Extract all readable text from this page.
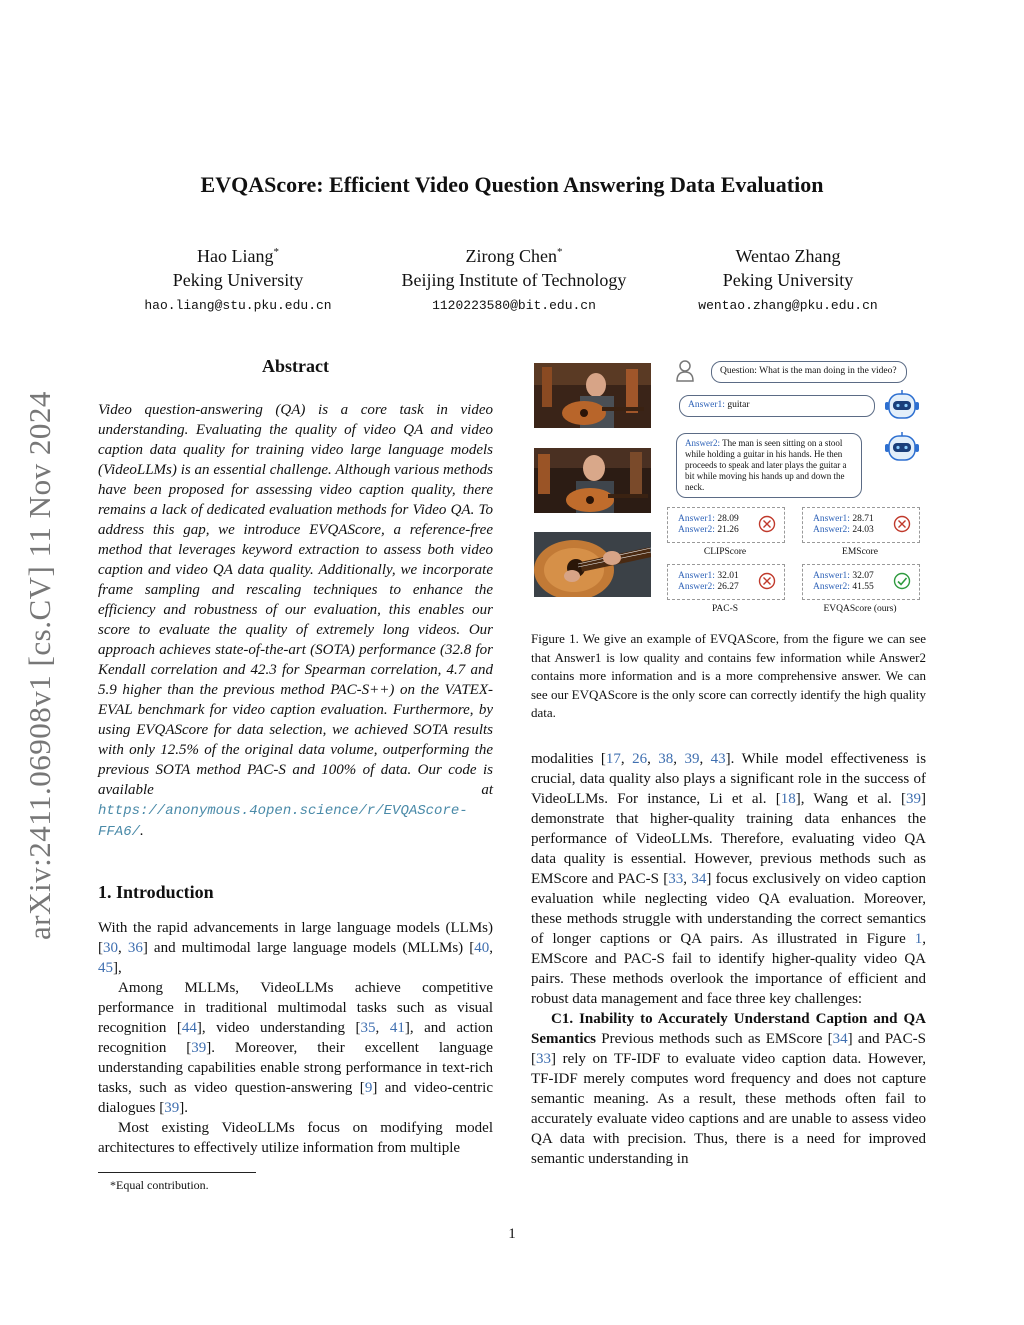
arXiv:2411.06908v1 [cs.CV] 11 Nov 2024
EVQAScore: Efficient Video Question Answering Data Evaluation
Hao Liang*
Peking University
hao.liang@stu.pku.edu.cn
Zirong Chen*
Beijing Institute of Technology
1120223580@bit.edu.cn
Wentao Zhang
Peking University
wentao.zhang@pku.edu.cn
Abstract
Video question-answering (QA) is a core task in video understanding. Evaluating the quality of video QA and video caption data quality for training video large language models (VideoLLMs) is an essential challenge. Although various methods have been proposed for assessing video caption quality, there remains a lack of dedicated evaluation methods for Video QA. To address this gap, we introduce EVQAScore, a reference-free method that leverages keyword extraction to assess both video caption and video QA data quality. Additionally, we incorporate frame sampling and rescaling techniques to enhance the efficiency and robustness of our evaluation, this enables our score to evaluate the quality of extremely long videos. Our approach achieves state-of-the-art (SOTA) performance (32.8 for Kendall correlation and 42.3 for Spearman correlation, 4.7 and 5.9 higher than the previous method PAC-S++) on the VATEX-EVAL benchmark for video caption evaluation. Furthermore, by using EVQAScore for data selection, we achieved SOTA results with only 12.5% of the original data volume, outperforming the previous SOTA method PAC-S and 100% of data. Our code is available at https://anonymous.4open.science/r/EVQAScore-FFA6/.
1. Introduction

With the rapid advancements in large language models (LLMs) [30, 36] and multimodal large language models (MLLMs) [40, 45],

Among MLLMs, VideoLLMs achieve competitive performance in traditional multimodal tasks such as visual recognition [44], video understanding [35, 41], and action recognition [39]. Moreover, their excellent language understanding capabilities enable strong performance in text-rich tasks, such as video question-answering [9] and video-centric dialogues [39].

Most existing VideoLLMs focus on modifying model architectures to effectively utilize information from multiple

*Equal contribution.
Question: What is the man doing in the video?
Answer1: guitar
Answer2: The man is seen sitting on a stool while holding a guitar in his hands. He then proceeds to speak and later plays the guitar a bit while moving his hands up and down the neck.
Answer1: 28.09
Answer2: 21.26
CLIPScore
Answer1: 28.71
Answer2: 24.03
EMScore
Answer1: 32.01
Answer2: 26.27
PAC-S
Answer1: 32.07
Answer2: 41.55
EVQAScore (ours)
Figure 1. We give an example of EVQAScore, from the figure we can see that Answer1 is low quality and contains few information while Answer2 contains more information and is a more comprehensive answer. We can see our EVQAScore is the only score can correctly identify the high quality data.

modalities [17, 26, 38, 39, 43]. While model effectiveness is crucial, data quality also plays a significant role in the success of VideoLLMs. For instance, Li et al. [18], Wang et al. [39] demonstrate that higher-quality training data enhances the performance of VideoLLMs. Therefore, evaluating video QA data quality is essential. However, previous methods such as EMScore and PAC-S [33, 34] focus exclusively on video caption evaluation while neglecting video QA evaluation. Moreover, these methods struggle with understanding the correct semantics of longer captions or QA pairs. As illustrated in Figure 1, EMScore and PAC-S fail to identify higher-quality video QA pairs. These methods overlook the importance of efficient and robust data management and face three key challenges:

C1. Inability to Accurately Understand Caption and QA Semantics Previous methods such as EMScore [34] and PAC-S [33] rely on TF-IDF to evaluate video caption data. However, TF-IDF merely computes word frequency and does not capture semantic meaning. As a result, these methods often fail to accurately evaluate video captions and are unable to assess video QA data with precision. Thus, there is a need for improved semantic understanding in

1
